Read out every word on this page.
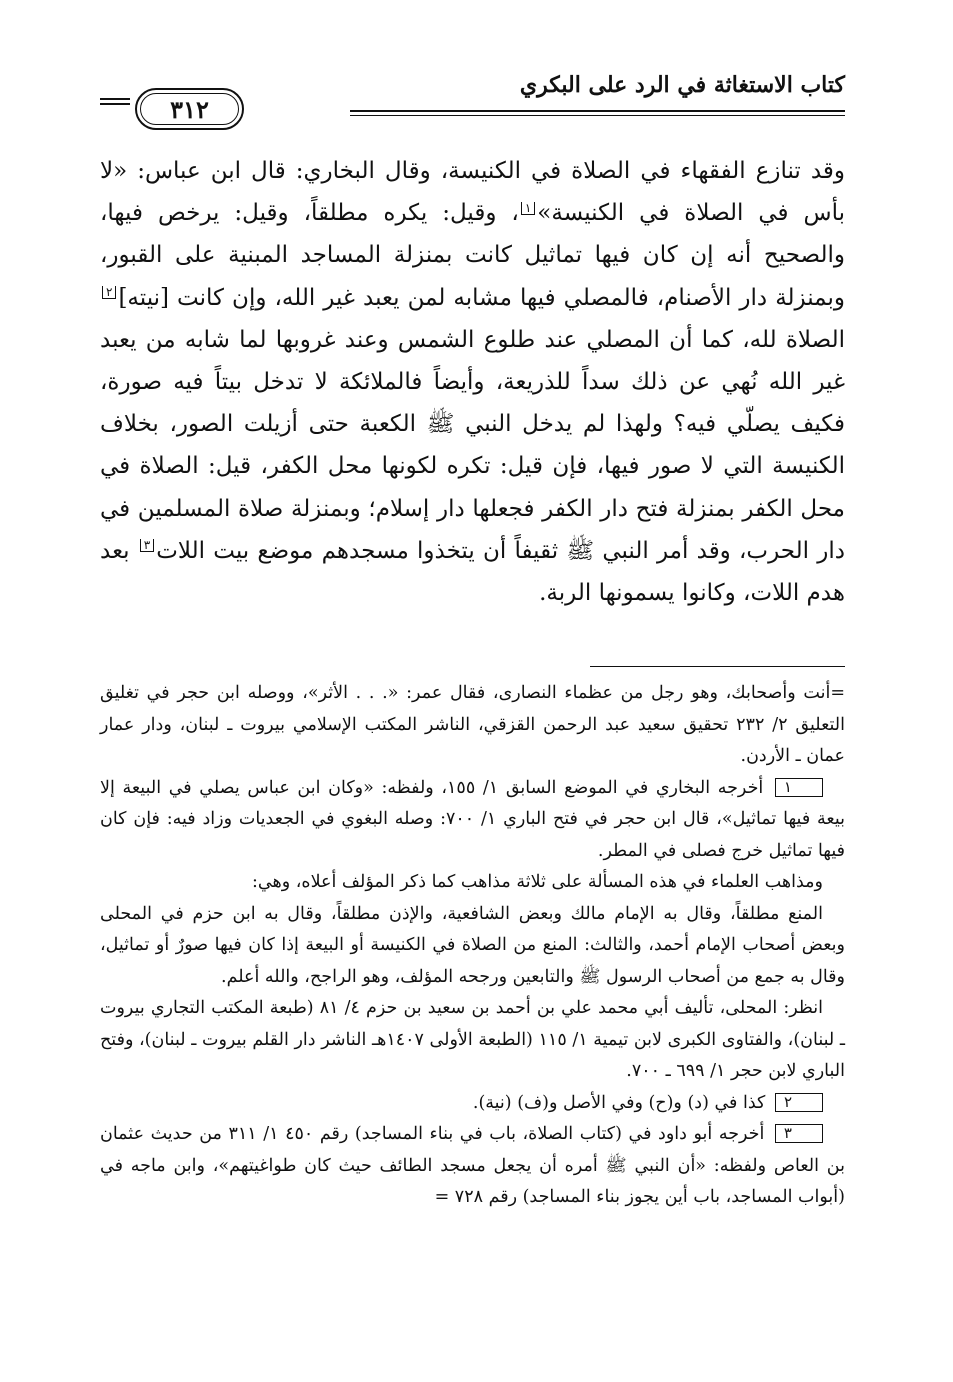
كتاب الاستغاثة في الرد على البكري
٣١٢

وقد تنازع الفقهاء في الصلاة في الكنيسة، وقال البخاري: قال ابن عباس: «لا بأس في الصلاة في الكنيسة»١، وقيل: يكره مطلقاً، وقيل: يرخص فيها، والصحيح أنه إن كان فيها تماثيل كانت بمنزلة المساجد المبنية على القبور، وبمنزلة دار الأصنام، فالمصلي فيها مشابه لمن يعبد غير الله، وإن كانت [نيته]٢ الصلاة لله، كما أن المصلي عند طلوع الشمس وعند غروبها لما شابه من يعبد غير الله نُهي عن ذلك سداً للذريعة، وأيضاً فالملائكة لا تدخل بيتاً فيه صورة، فكيف يصلّي فيه؟ ولهذا لم يدخل النبي ﷺ الكعبة حتى أزيلت الصور، بخلاف الكنيسة التي لا صور فيها، فإن قيل: تكره لكونها محل الكفر، قيل: الصلاة في محل الكفر بمنزلة فتح دار الكفر فجعلها دار إسلام؛ وبمنزلة صلاة المسلمين في دار الحرب، وقد أمر النبي ﷺ ثقيفاً أن يتخذوا مسجدهم موضع بيت اللات٣ بعد هدم اللات، وكانوا يسمونها الربة.

=أنت وأصحابك، وهو رجل من عظماء النصارى، فقال عمر: «. . . الأثر»، ووصله ابن حجر في تغليق التعليق ٢/ ٢٣٢ تحقيق سعيد عبد الرحمن القزقي، الناشر المكتب الإسلامي بيروت ـ لبنان، ودار عمار عمان ـ الأردن.

١ أخرجه البخاري في الموضع السابق ١/ ١٥٥، ولفظه: «وكان ابن عباس يصلي في البيعة إلا بيعة فيها تماثيل»، قال ابن حجر في فتح الباري ١/ ٧٠٠: وصله البغوي في الجعديات وزاد فيه: فإن كان فيها تماثيل خرج فصلى في المطر.

ومذاهب العلماء في هذه المسألة على ثلاثة مذاهب كما ذكر المؤلف أعلاه، وهي:

المنع مطلقاً، وقال به الإمام مالك وبعض الشافعية، والإذن مطلقاً، وقال به ابن حزم في المحلى وبعض أصحاب الإمام أحمد، والثالث: المنع من الصلاة في الكنيسة أو البيعة إذا كان فيها صورٌ أو تماثيل، وقال به جمع من أصحاب الرسول ﷺ والتابعين ورجحه المؤلف، وهو الراجح، والله أعلم.

انظر: المحلى، تأليف أبي محمد علي بن أحمد بن سعيد بن حزم ٤/ ٨١ (طبعة المكتب التجاري بيروت ـ لبنان)، والفتاوى الكبرى لابن تيمية ١/ ١١٥ (الطبعة الأولى ١٤٠٧هـ الناشر دار القلم بيروت ـ لبنان)، وفتح الباري لابن حجر ١/ ٦٩٩ ـ ٧٠٠.

٢ كذا في (د) و(ح) وفي الأصل و(ف) (نية).

٣ أخرجه أبو داود في (كتاب الصلاة، باب في بناء المساجد) رقم ٤٥٠ ١/ ٣١١ من حديث عثمان بن العاص ولفظه: «أن النبي ﷺ أمره أن يجعل مسجد الطائف حيث كان طواغيتهم»، وابن ماجه في (أبواب المساجد، باب أين يجوز بناء المساجد) رقم ٧٢٨ =
